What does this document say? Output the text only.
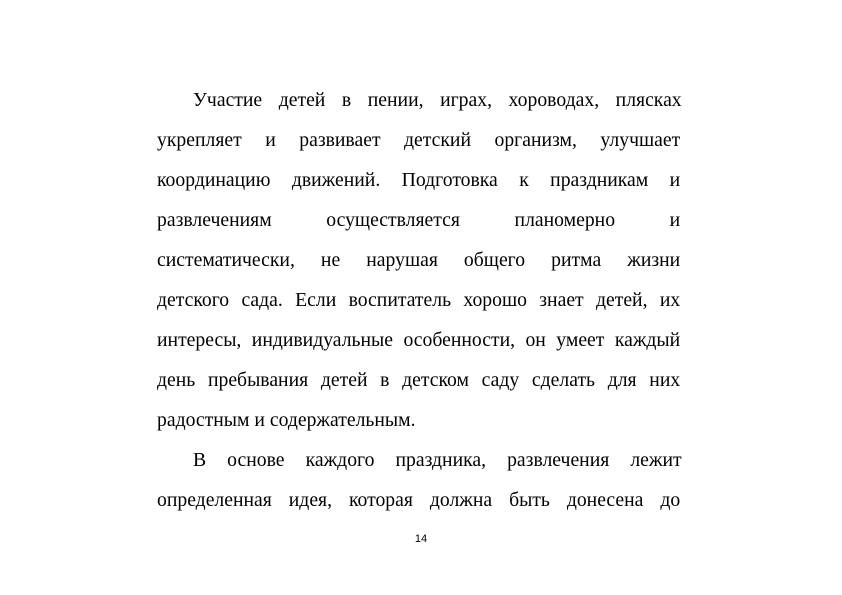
Участие детей в пении, играх, хороводах, плясках
укрепляет и развивает детский организм, улучшает
координацию движений. Подготовка к праздникам и
развлечениям осуществляется планомерно и
систематически, не нарушая общего ритма жизни
детского сада. Если воспитатель хорошо знает детей, их
интересы, индивидуальные особенности, он умеет каждый
день пребывания детей в детском саду сделать для них
радостным и содержательным.
В основе каждого праздника, развлечения лежит
определенная идея, которая должна быть донесена до
14
